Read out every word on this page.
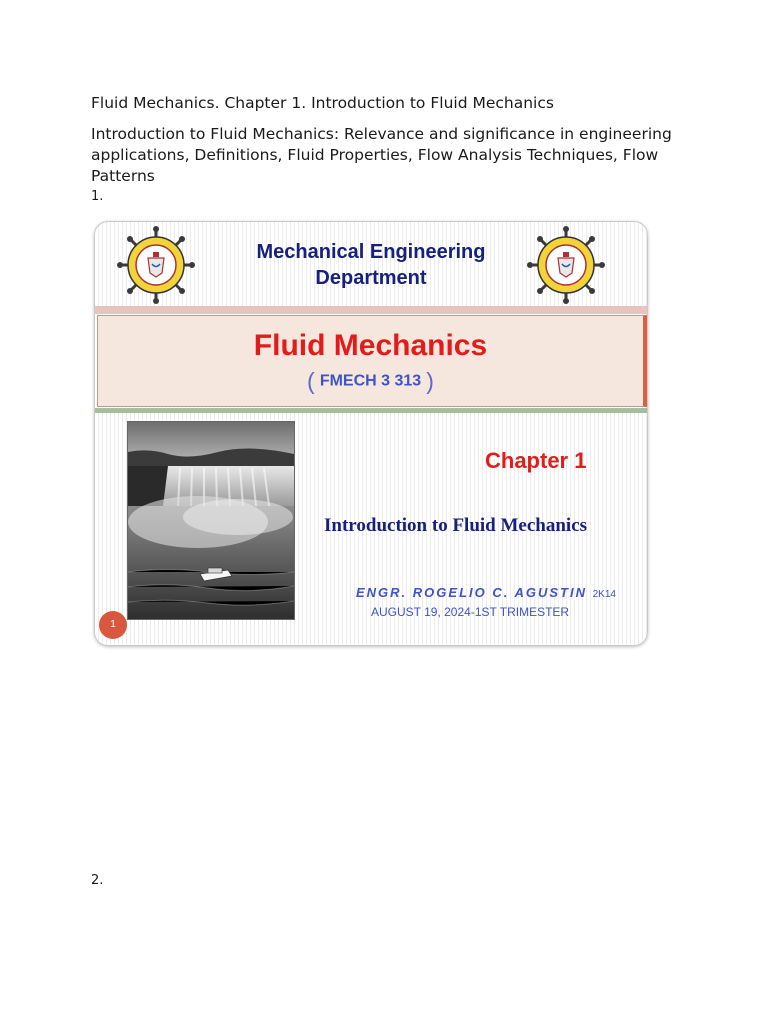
Fluid Mechanics. Chapter 1. Introduction to Fluid Mechanics

Introduction to Fluid Mechanics: Relevance and significance in engineering applications, Definitions, Fluid Properties, Flow Analysis Techniques, Flow Patterns

1.

Mechanical Engineering Department
Fluid Mechanics
( FMECH 3 313 )
Chapter 1
Introduction to Fluid Mechanics
ENGR. ROGELIO C. AGUSTIN 2K14
AUGUST 19, 2024-1ST TRIMESTER
1

2.
